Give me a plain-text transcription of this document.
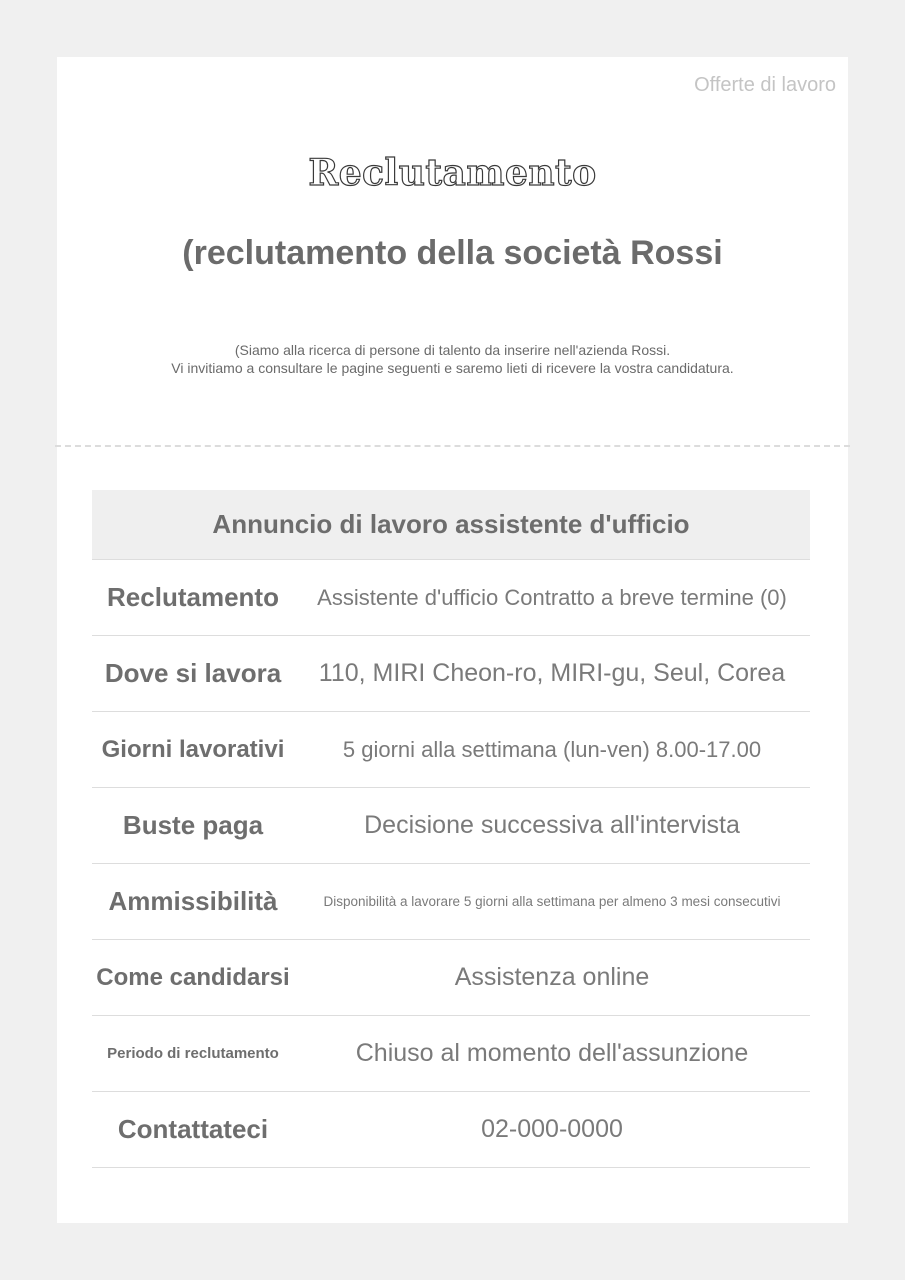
Offerte di lavoro
Reclutamento
(reclutamento della società Rossi
(Siamo alla ricerca di persone di talento da inserire nell'azienda Rossi.
Vi invitiamo a consultare le pagine seguenti e saremo lieti di ricevere la vostra candidatura.
Annuncio di lavoro assistente d'ufficio
Reclutamento	Assistente d'ufficio Contratto a breve termine (0)
Dove si lavora	110, MIRI Cheon-ro, MIRI-gu, Seul, Corea
Giorni lavorativi	5 giorni alla settimana (lun-ven) 8.00-17.00
Buste paga	Decisione successiva all'intervista
Ammissibilità	Disponibilità a lavorare 5 giorni alla settimana per almeno 3 mesi consecutivi
Come candidarsi	Assistenza online
Periodo di reclutamento	Chiuso al momento dell'assunzione
Contattateci	02-000-0000
